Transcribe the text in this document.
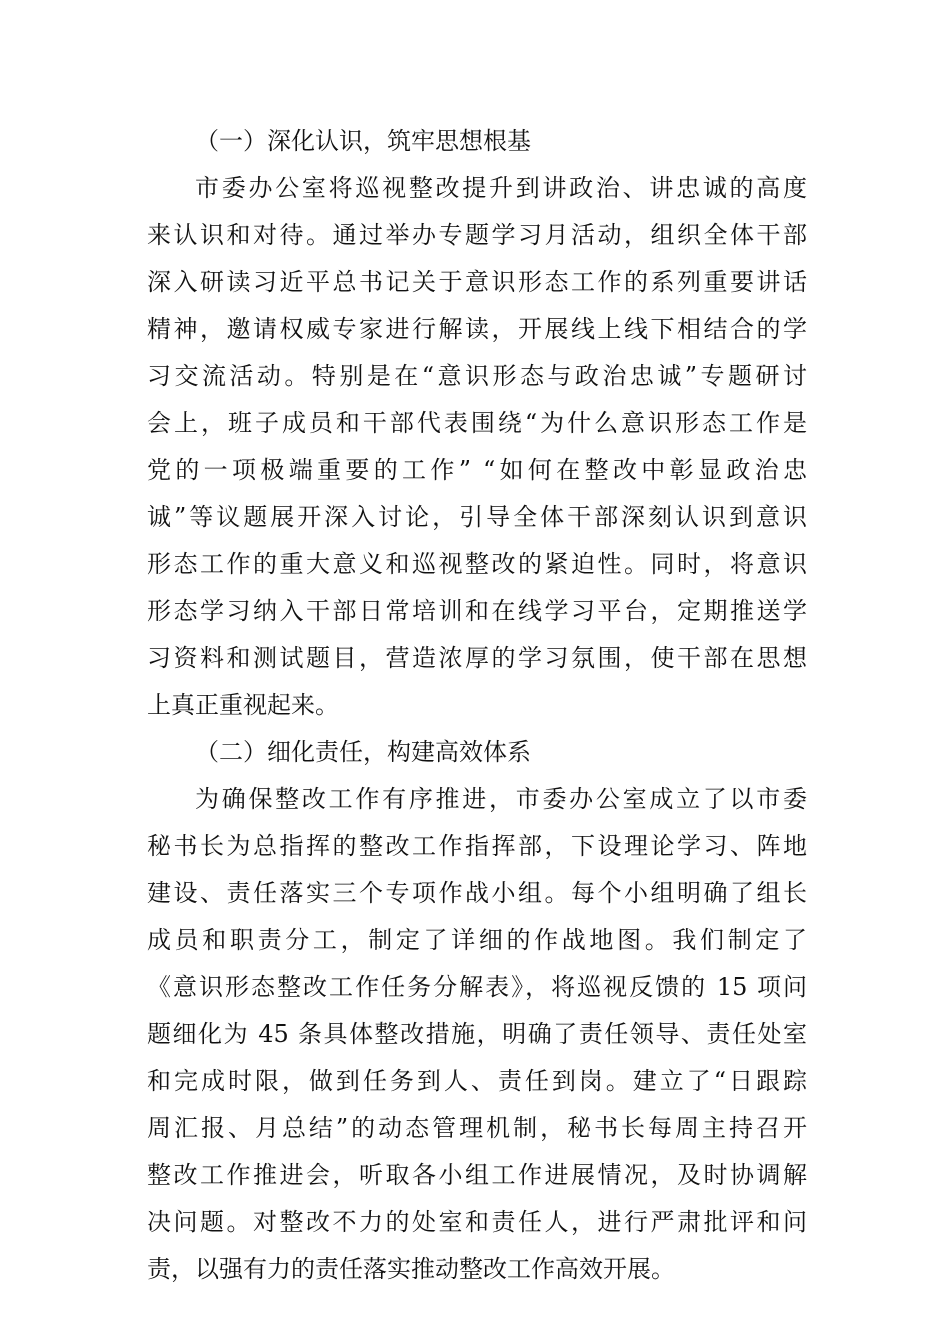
（一）深化认识，筑牢思想根基

市委办公室将巡视整改提升到讲政治、讲忠诚的高度
来认识和对待。通过举办专题学习月活动，组织全体干部
深入研读习近平总书记关于意识形态工作的系列重要讲话
精神，邀请权威专家进行解读，开展线上线下相结合的学
习交流活动。特别是在“意识形态与政治忠诚”专题研讨
会上，班子成员和干部代表围绕“为什么意识形态工作是
党的一项极端重要的工作” “如何在整改中彰显政治忠
诚”等议题展开深入讨论，引导全体干部深刻认识到意识
形态工作的重大意义和巡视整改的紧迫性。同时，将意识
形态学习纳入干部日常培训和在线学习平台，定期推送学
习资料和测试题目，营造浓厚的学习氛围，使干部在思想
上真正重视起来。

（二）细化责任，构建高效体系

为确保整改工作有序推进，市委办公室成立了以市委
秘书长为总指挥的整改工作指挥部，下设理论学习、阵地
建设、责任落实三个专项作战小组。每个小组明确了组长
成员和职责分工，制定了详细的作战地图。我们制定了
《意识形态整改工作任务分解表》，将巡视反馈的 15 项问
题细化为 45 条具体整改措施，明确了责任领导、责任处室
和完成时限，做到任务到人、责任到岗。建立了“日跟踪
周汇报、月总结”的动态管理机制，秘书长每周主持召开
整改工作推进会，听取各小组工作进展情况，及时协调解
决问题。对整改不力的处室和责任人，进行严肃批评和问
责，以强有力的责任落实推动整改工作高效开展。
